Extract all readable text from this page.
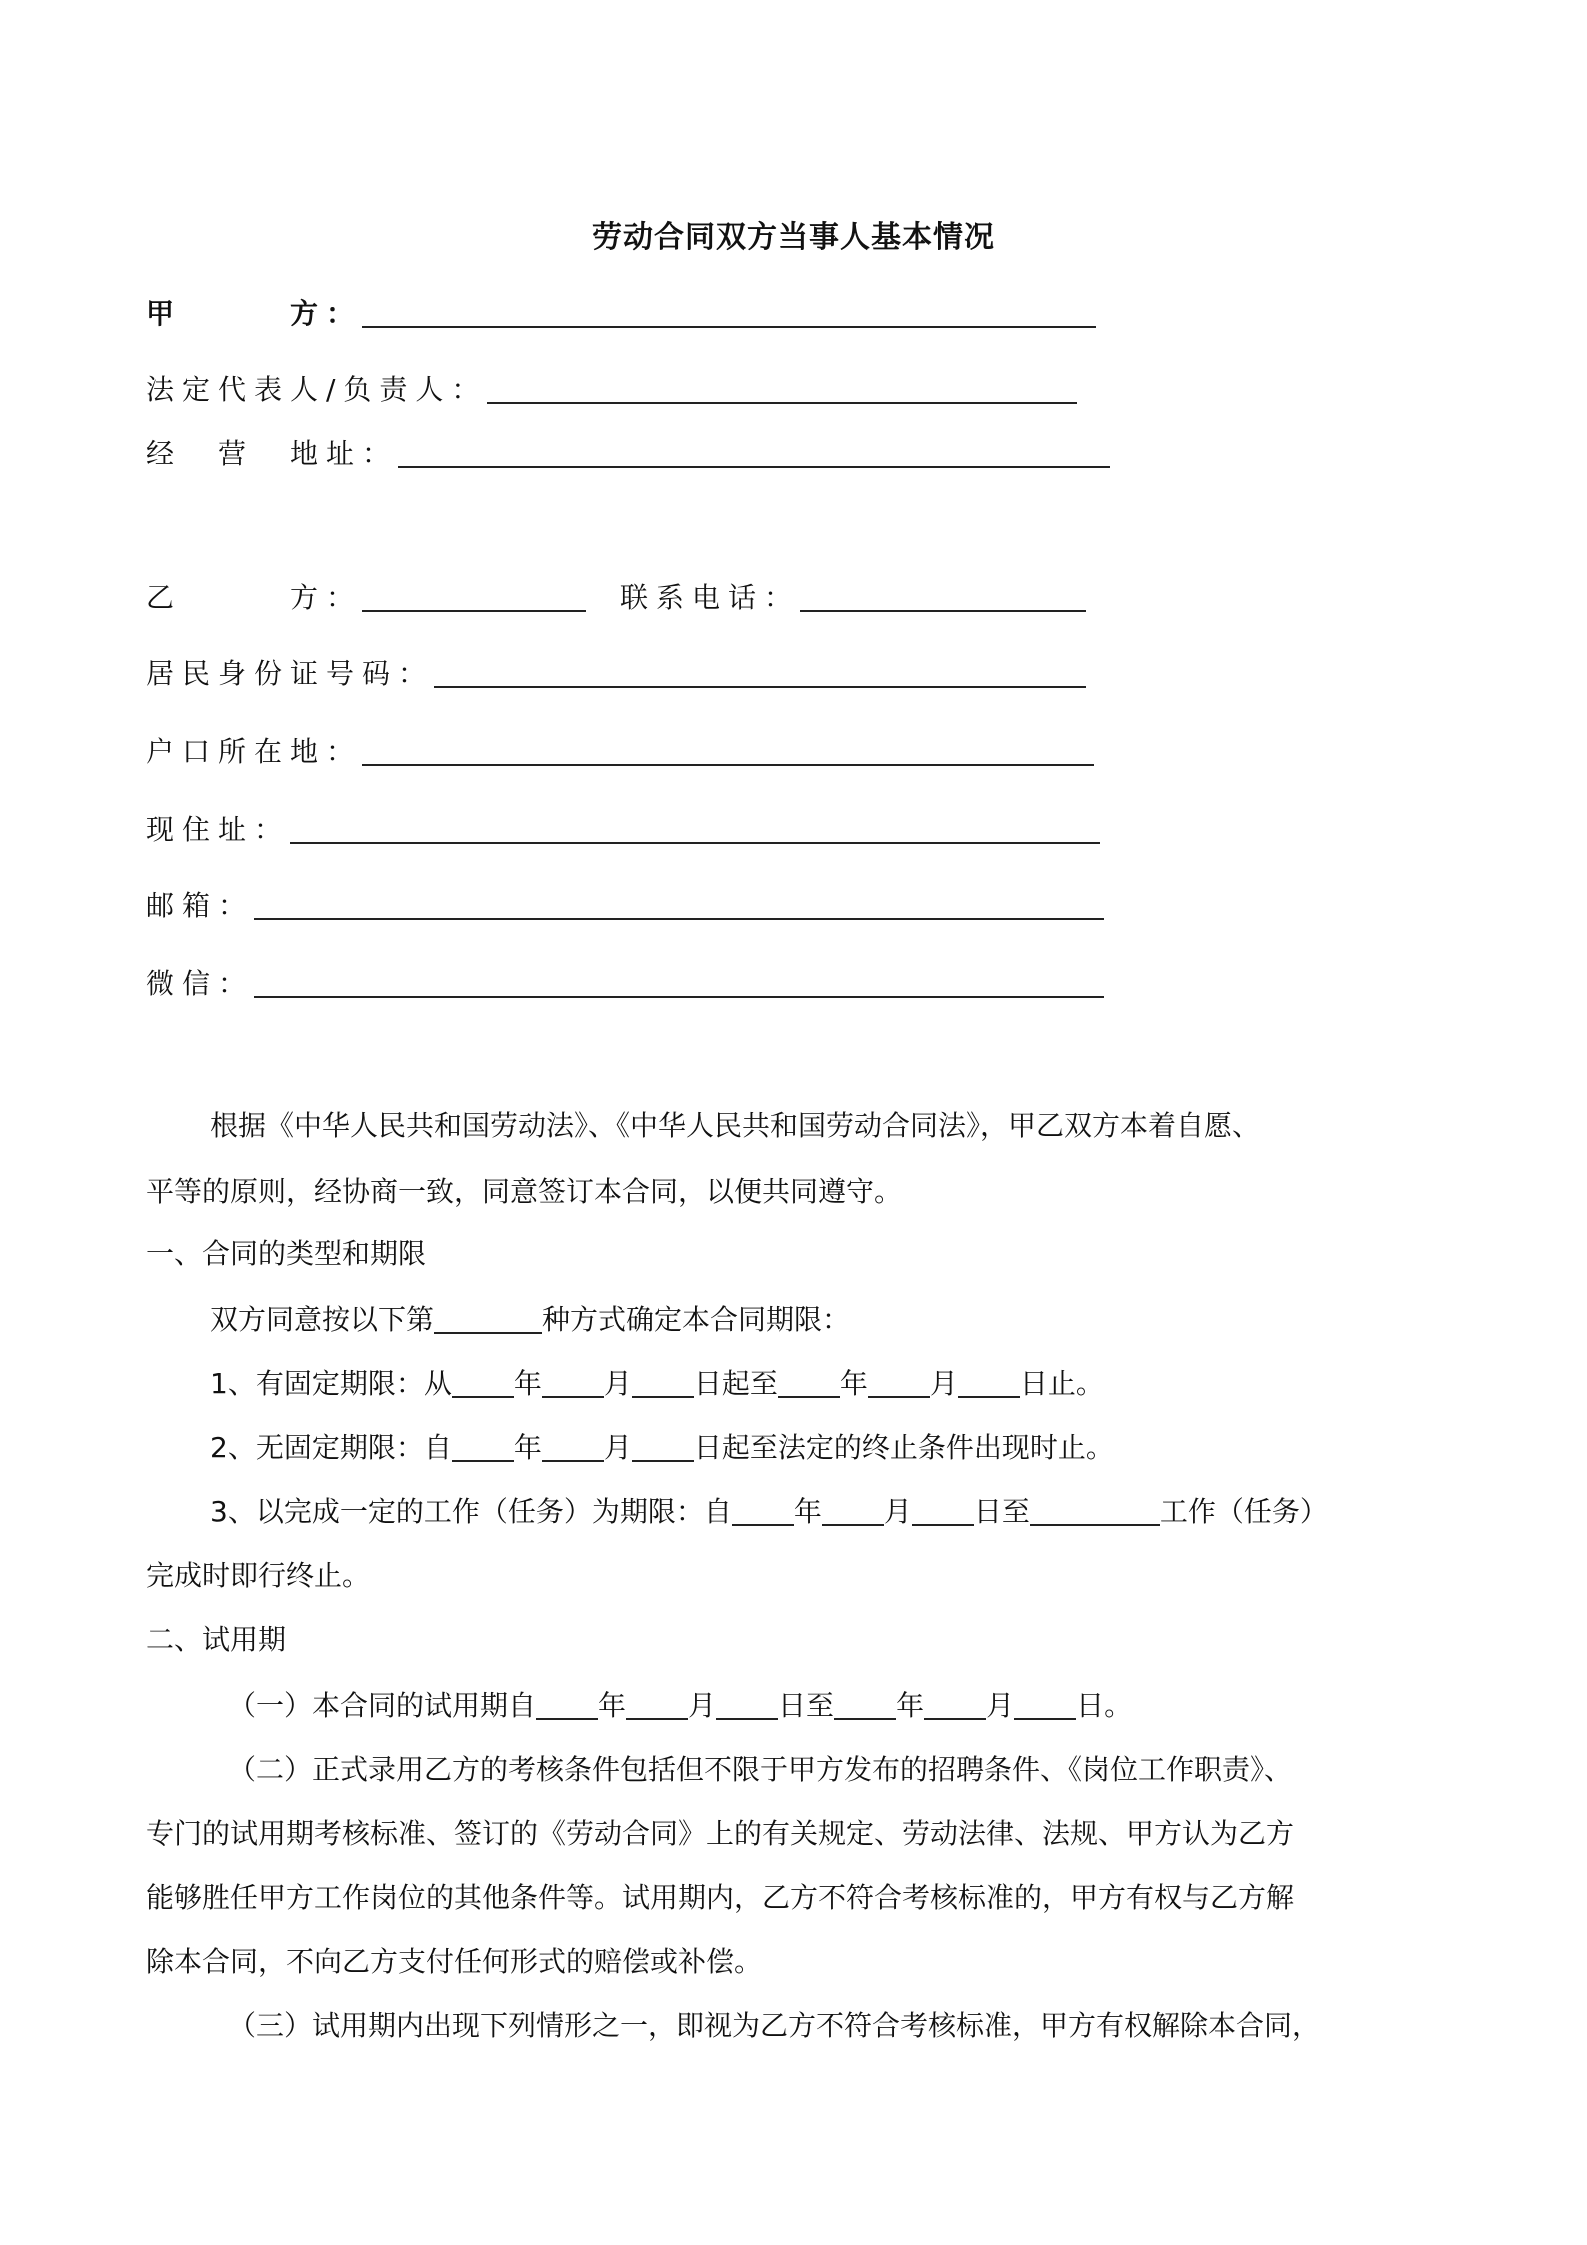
劳动合同双方当事人基本情况
甲　　　方：
法定代表人/负责人：
经　营　地址：
乙　　　方：	联系电话：
居民身份证号码：
户口所在地：
现住址：
邮箱：
微信：
根据《中华人民共和国劳动法》、《中华人民共和国劳动合同法》，甲乙双方本着自愿、
平等的原则，经协商一致，同意签订本合同，以便共同遵守。
一、合同的类型和期限
双方同意按以下第	种方式确定本合同期限：
1、有固定期限：从 年 月 日起至 年 月 日止。
2、无固定期限：自 年 月 日起至法定的终止条件出现时止。
3、以完成一定的工作（任务）为期限：自 年 月 日至	工作（任务）
完成时即行终止。
二、试用期
（一）本合同的试用期自 年 月 日至 年 月 日。
（二）正式录用乙方的考核条件包括但不限于甲方发布的招聘条件、《岗位工作职责》、
专门的试用期考核标准、签订的《劳动合同》上的有关规定、劳动法律、法规、甲方认为乙方
能够胜任甲方工作岗位的其他条件等。试用期内，乙方不符合考核标准的，甲方有权与乙方解
除本合同，不向乙方支付任何形式的赔偿或补偿。
（三）试用期内出现下列情形之一，即视为乙方不符合考核标准，甲方有权解除本合同，
